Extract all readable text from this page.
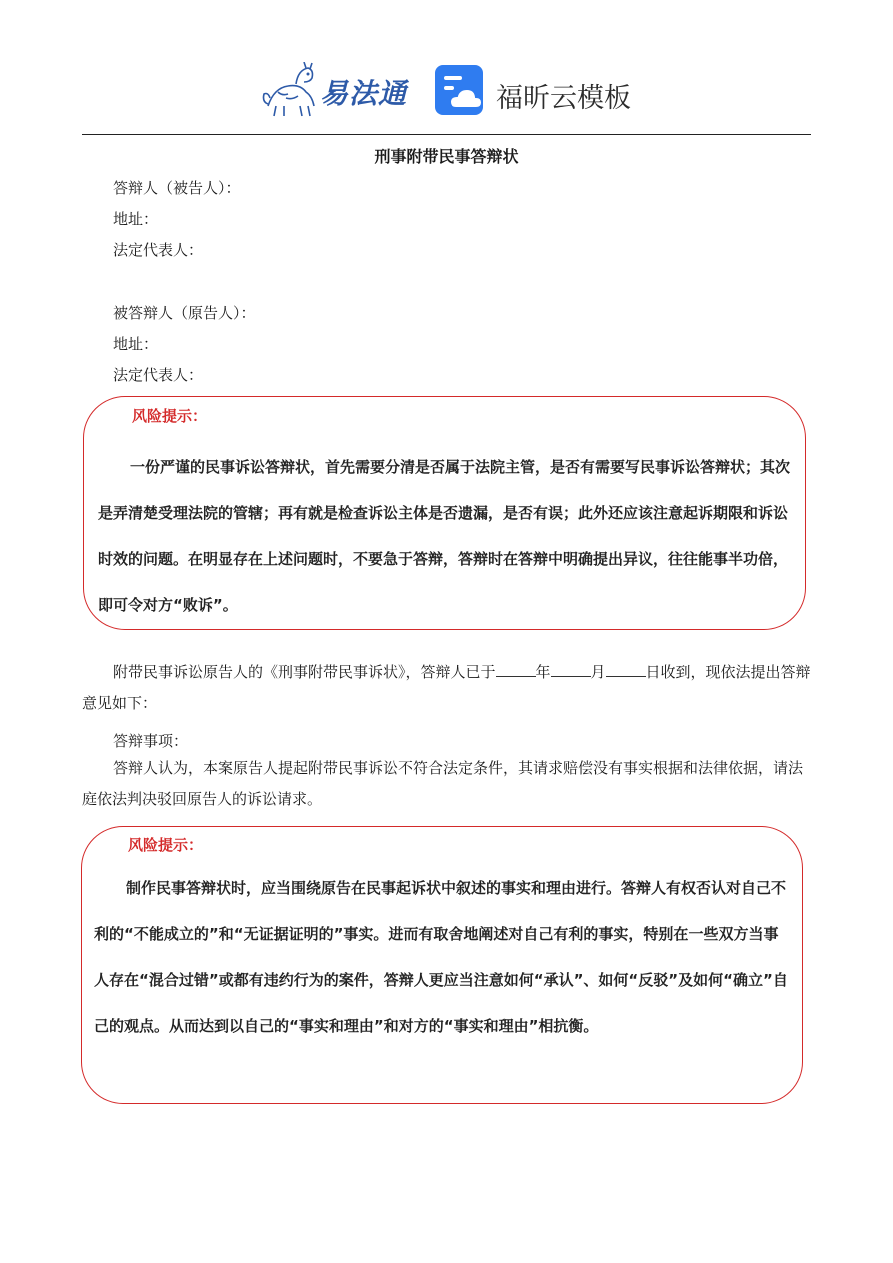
易法通	福昕云模板
刑事附带民事答辩状
答辩人（被告人）：
地址：
法定代表人：
被答辩人（原告人）：
地址：
法定代表人：
风险提示：

一份严谨的民事诉讼答辩状，首先需要分清是否属于法院主管，是否有需要写民事诉讼答辩状；其次是弄清楚受理法院的管辖；再有就是检查诉讼主体是否遗漏，是否有误；此外还应该注意起诉期限和诉讼时效的问题。在明显存在上述问题时，不要急于答辩，答辩时在答辩中明确提出异议，往往能事半功倍，即可令对方“败诉”。

附带民事诉讼原告人的《刑事附带民事诉状》，答辩人已于	年	月	日收到，现依法提出答辩意见如下：

答辩事项：

答辩人认为，本案原告人提起附带民事诉讼不符合法定条件，其请求赔偿没有事实根据和法律依据，请法庭依法判决驳回原告人的诉讼请求。

风险提示：

制作民事答辩状时，应当围绕原告在民事起诉状中叙述的事实和理由进行。答辩人有权否认对自己不利的“不能成立的”和“无证据证明的”事实。进而有取舍地阐述对自己有利的事实，特别在一些双方当事人存在“混合过错”或都有违约行为的案件，答辩人更应当注意如何“承认”、如何“反驳”及如何“确立”自己的观点。从而达到以自己的“事实和理由”和对方的“事实和理由”相抗衡。
